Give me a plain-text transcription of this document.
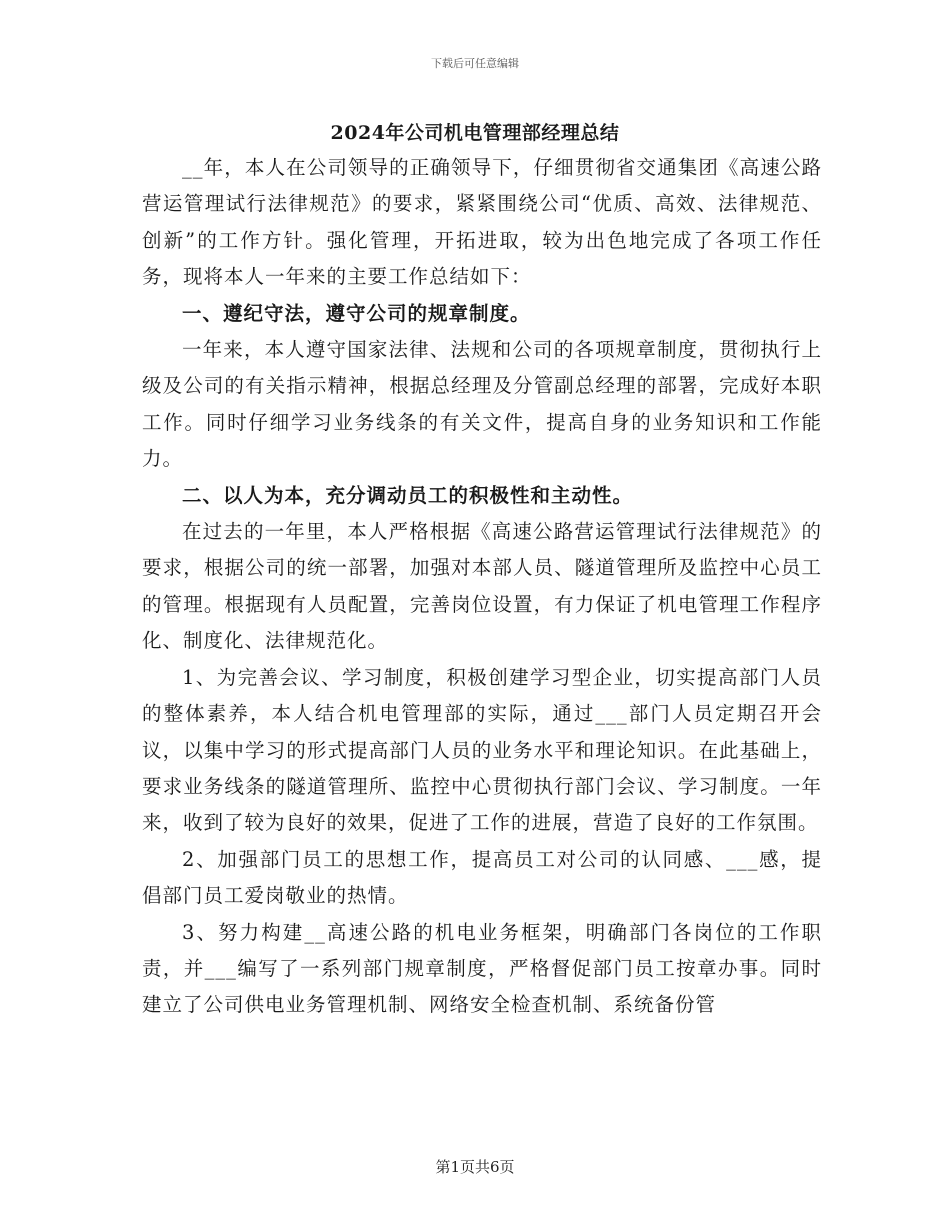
下载后可任意编辑
2024年公司机电管理部经理总结

__年，本人在公司领导的正确领导下，仔细贯彻省交通集团《高速公路营运管理试行法律规范》的要求，紧紧围绕公司“优质、高效、法律规范、创新”的工作方针。强化管理，开拓进取，较为出色地完成了各项工作任务，现将本人一年来的主要工作总结如下：

一、遵纪守法，遵守公司的规章制度。

一年来，本人遵守国家法律、法规和公司的各项规章制度，贯彻执行上级及公司的有关指示精神，根据总经理及分管副总经理的部署，完成好本职工作。同时仔细学习业务线条的有关文件，提高自身的业务知识和工作能力。

二、以人为本，充分调动员工的积极性和主动性。

在过去的一年里，本人严格根据《高速公路营运管理试行法律规范》的要求，根据公司的统一部署，加强对本部人员、隧道管理所及监控中心员工的管理。根据现有人员配置，完善岗位设置，有力保证了机电管理工作程序化、制度化、法律规范化。

1、为完善会议、学习制度，积极创建学习型企业，切实提高部门人员的整体素养，本人结合机电管理部的实际，通过___部门人员定期召开会议，以集中学习的形式提高部门人员的业务水平和理论知识。在此基础上，要求业务线条的隧道管理所、监控中心贯彻执行部门会议、学习制度。一年来，收到了较为良好的效果，促进了工作的进展，营造了良好的工作氛围。

2、加强部门员工的思想工作，提高员工对公司的认同感、___感，提倡部门员工爱岗敬业的热情。

3、努力构建__高速公路的机电业务框架，明确部门各岗位的工作职责，并___编写了一系列部门规章制度，严格督促部门员工按章办事。同时建立了公司供电业务管理机制、网络安全检查机制、系统备份管

第1页共6页
